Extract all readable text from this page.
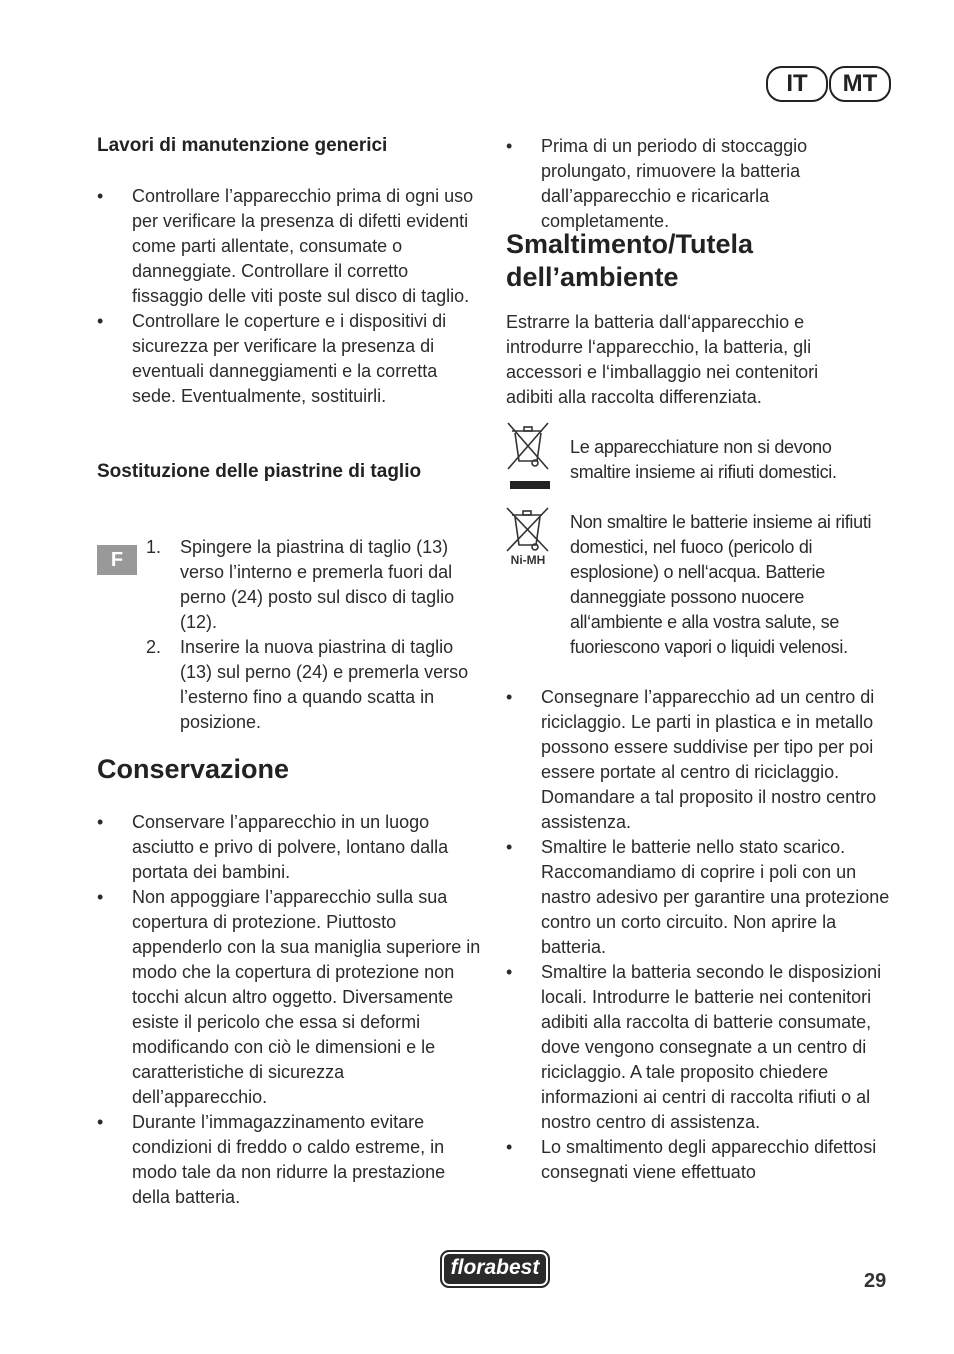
IT	MT
Lavori di manutenzione generici
• Controllare l’apparecchio prima di ogni uso per verificare la presenza di difetti evidenti come parti allentate, consumate o danneggiate. Controllare il corretto fissaggio delle viti poste sul disco di taglio.
• Controllare le coperture e i dispositivi di sicurezza per verificare la presenza di eventuali danneggiamenti e la corretta sede. Eventualmente, sostituirli.
Sostituzione delle piastrine di taglio
F
1. Spingere la piastrina di taglio (13) verso l’interno e premerla fuori dal perno (24) posto sul disco di taglio (12).
2. Inserire la nuova piastrina di taglio (13) sul perno (24) e premerla verso l’esterno fino a quando scatta in posizione.
Conservazione
• Conservare l’apparecchio in un luogo asciutto e privo di polvere, lontano dalla portata dei bambini.
• Non appoggiare l’apparecchio sulla sua copertura di protezione. Piuttosto appenderlo con la sua maniglia superiore in modo che la copertura di protezione non tocchi alcun altro oggetto. Diversamente esiste il pericolo che essa si deformi modificando con ciò le dimensioni e le caratteristiche di sicurezza dell’apparecchio.
• Durante l’immagazzinamento evitare condizioni di freddo o caldo estreme, in modo tale da non ridurre la prestazione della batteria.
• Prima di un periodo di stoccaggio prolungato, rimuovere la batteria dall’apparecchio e ricaricarla completamente.
Smaltimento/Tutela
dell’ambiente
Estrarre la batteria dall‘apparecchio e introdurre l‘apparecchio, la batteria, gli accessori e l‘imballaggio nei contenitori adibiti alla raccolta differenziata.
Le apparecchiature non si devono smaltire insieme ai rifiuti domestici.
Ni-MH
Non smaltire le batterie insieme ai rifiuti domestici, nel fuoco (pericolo di esplosione) o nell‘acqua. Batterie danneggiate possono nuocere all‘ambiente e alla vostra salute, se fuoriescono vapori o liquidi velenosi.
• Consegnare l’apparecchio ad un centro di riciclaggio. Le parti in plastica e in metallo possono essere suddivise per tipo per poi essere portate al centro di riciclaggio. Domandare a tal proposito il nostro centro assistenza.
• Smaltire le batterie nello stato scarico. Raccomandiamo di coprire i poli con un nastro adesivo per garantire una protezione contro un corto circuito. Non aprire la batteria.
• Smaltire la batteria secondo le disposizioni locali. Introdurre le batterie nei contenitori adibiti alla raccolta di batterie consumate, dove vengono consegnate a un centro di riciclaggio. A tale proposito chiedere informazioni ai centri di raccolta rifiuti o al nostro centro di assistenza.
• Lo smaltimento degli apparecchio difettosi consegnati viene effettuato
florabest
29
